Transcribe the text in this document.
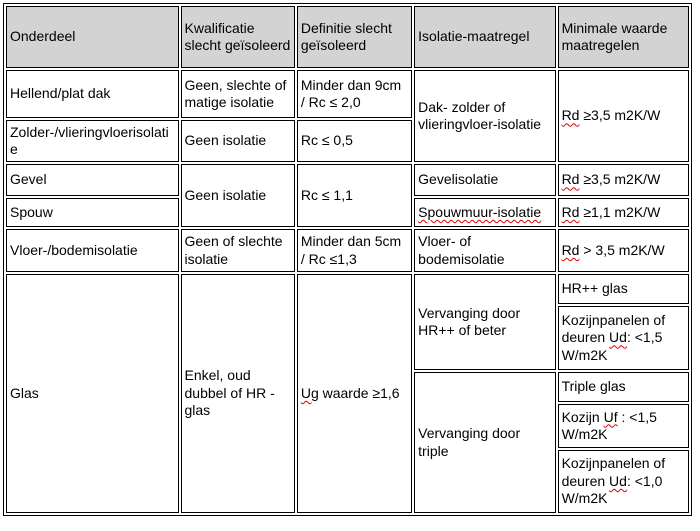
Onderdeel	Kwalificatie slecht geïsoleerd	Definitie slecht geïsoleerd	Isolatie-maatregel	Minimale waarde maatregelen
Hellend/plat dak	Geen, slechte of matige isolatie	Minder dan 9cm / Rc ≤ 2,0	Dak- zolder of vlieringvloer-isolatie	Rd ≥3,5 m2K/W
Zolder-/vlieringvloerisolatie	Geen isolatie	Rc ≤ 0,5		
Gevel	Geen isolatie	Rc ≤ 1,1	Gevelisolatie	Rd ≥3,5 m2K/W
Spouw			Spouwmuur-isolatie	Rd ≥1,1 m2K/W
Vloer-/bodemisolatie	Geen of slechte isolatie	Minder dan 5cm / Rc ≤1,3	Vloer- of bodemisolatie	Rd > 3,5 m2K/W
Glas	Enkel, oud dubbel of HR - glas	Ug waarde ≥1,6	Vervanging door HR++ of beter	HR++ glas
				Kozijnpanelen of deuren Ud: <1,5 W/m2K
			Vervanging door triple	Triple glas
				Kozijn Uf : <1,5 W/m2K
				Kozijnpanelen of deuren Ud: <1,0 W/m2K
